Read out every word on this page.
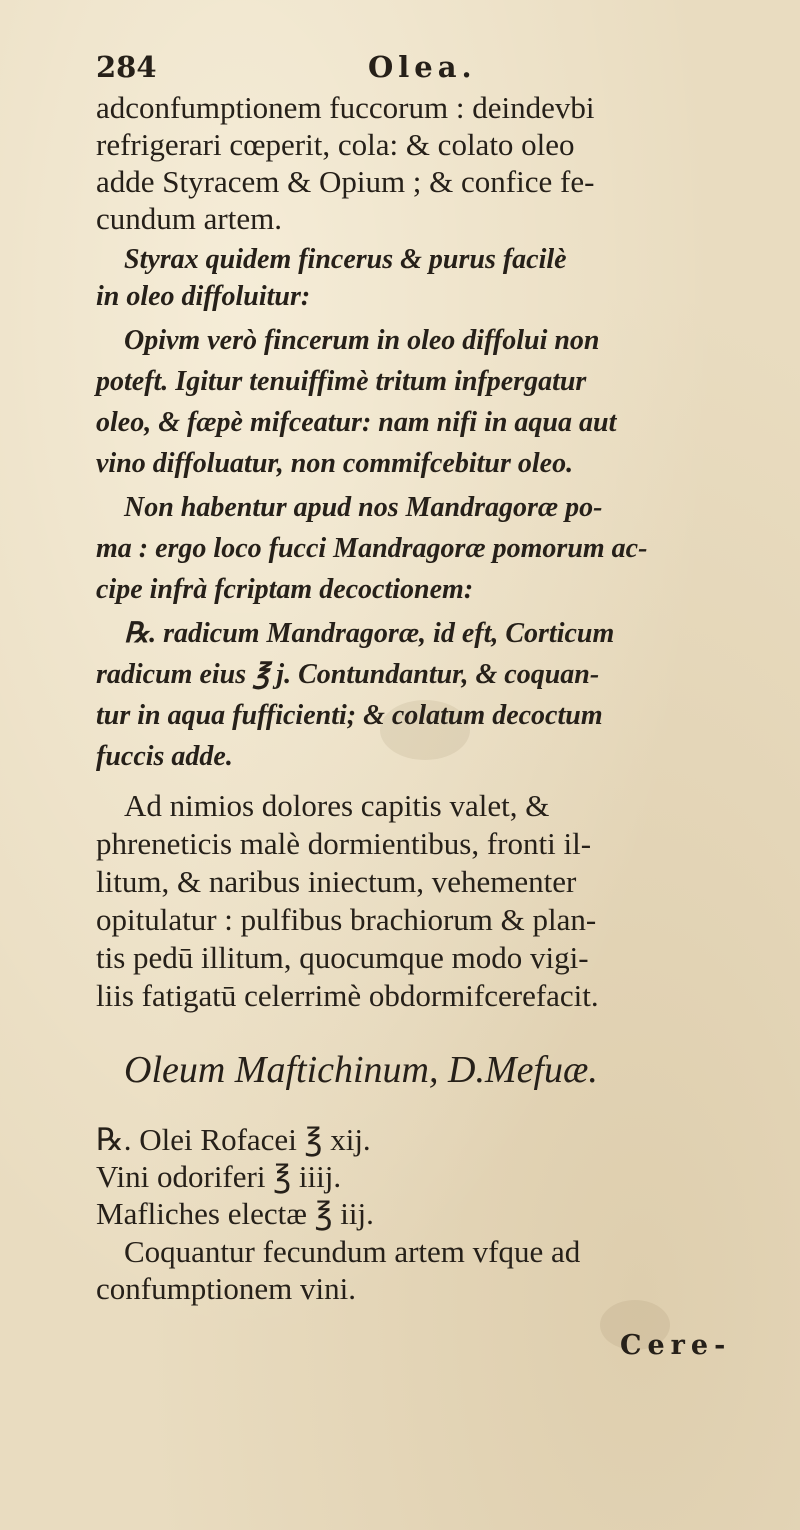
284	Olea.
adconfumptionem fuccorum : deindevbi
refrigerari cœperit, cola: & colato oleo
adde Styracem & Opium ; & confice fe-
cundum artem.
Styrax quidem fincerus & purus facilè
in oleo diffoluitur:
Opivm verò fincerum in oleo diffolui non
poteft. Igitur tenuiffimè tritum infpergatur
oleo, & fæpè mifceatur: nam nifi in aqua aut
vino diffoluatur, non commifcebitur oleo.
Non habentur apud nos Mandragoræ po-
ma : ergo loco fucci Mandragoræ pomorum ac-
cipe infrà fcriptam decoctionem:
℞. radicum Mandragoræ, id eft, Corticum
radicum eius ℥ j. Contundantur, & coquan-
tur in aqua fufficienti; & colatum decoctum
fuccis adde.
Ad nimios dolores capitis valet, &
phreneticis malè dormientibus, fronti il-
litum, & naribus iniectum, vehementer
opitulatur : pulfibus brachiorum & plan-
tis pedū illitum, quocumque modo vigi-
liis fatigatū celerrimè obdormifcerefacit.
Oleum Maftichinum, D.Mefuæ.
℞. Olei Rofacei ℥ xij.
Vini odoriferi ℥ iiij.
Mafliches electæ ℥ iij.
Coquantur fecundum artem vfque ad
confumptionem vini.
Cere-
